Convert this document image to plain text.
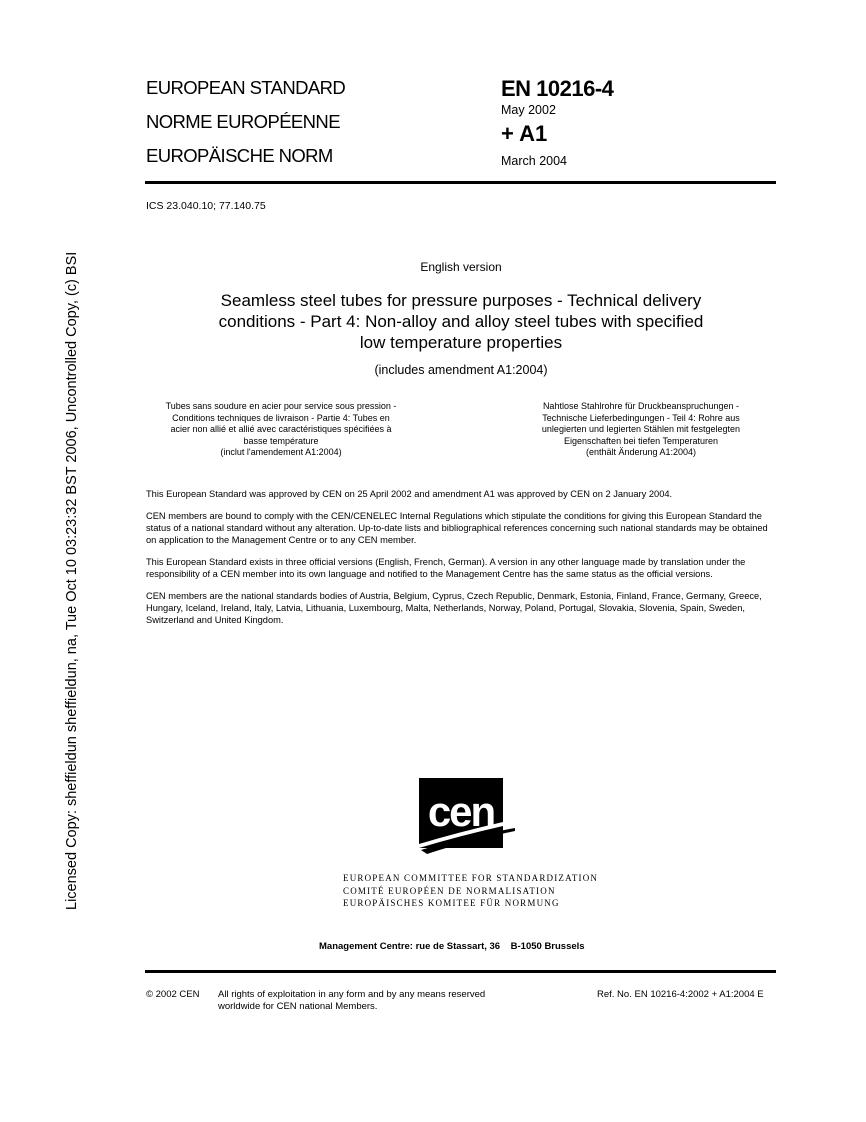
EUROPEAN STANDARD
NORME EUROPÉENNE
EUROPÄISCHE NORM
EN 10216-4
May 2002
+ A1
March 2004
ICS 23.040.10; 77.140.75
English version
Seamless steel tubes for pressure purposes - Technical delivery
conditions - Part 4: Non-alloy and alloy steel tubes with specified
low temperature properties
(includes amendment A1:2004)
Tubes sans soudure en acier pour service sous pression -
Conditions techniques de livraison - Partie 4: Tubes en
acier non allié et allié avec caractéristiques spécifiées à
basse température
(inclut l'amendement A1:2004)
Nahtlose Stahlrohre für Druckbeanspruchungen -
Technische Lieferbedingungen - Teil 4: Rohre aus
unlegierten und legierten Stählen mit festgelegten
Eigenschaften bei tiefen Temperaturen
(enthält Änderung A1:2004)

This European Standard was approved by CEN on 25 April 2002 and amendment A1 was approved by CEN on 2 January 2004.

CEN members are bound to comply with the CEN/CENELEC Internal Regulations which stipulate the conditions for giving this European Standard the status of a national standard without any alteration. Up-to-date lists and bibliographical references concerning such national standards may be obtained on application to the Management Centre or to any CEN member.

This European Standard exists in three official versions (English, French, German). A version in any other language made by translation under the responsibility of a CEN member into its own language and notified to the Management Centre has the same status as the official versions.

CEN members are the national standards bodies of Austria, Belgium, Cyprus, Czech Republic, Denmark, Estonia, Finland, France, Germany, Greece, Hungary, Iceland, Ireland, Italy, Latvia, Lithuania, Luxembourg, Malta, Netherlands, Norway, Poland, Portugal, Slovakia, Slovenia, Spain, Sweden, Switzerland and United Kingdom.

cen
EUROPEAN COMMITTEE FOR STANDARDIZATION
COMITÉ EUROPÉEN DE NORMALISATION
EUROPÄISCHES KOMITEE FÜR NORMUNG
Management Centre: rue de Stassart, 36    B-1050 Brussels
© 2002 CEN All rights of exploitation in any form and by any means reserved
worldwide for CEN national Members.
Ref. No. EN 10216-4:2002 + A1:2004 E
Licensed Copy: sheffieldun sheffieldun, na, Tue Oct 10 03:23:32 BST 2006, Uncontrolled Copy, (c) BSI
